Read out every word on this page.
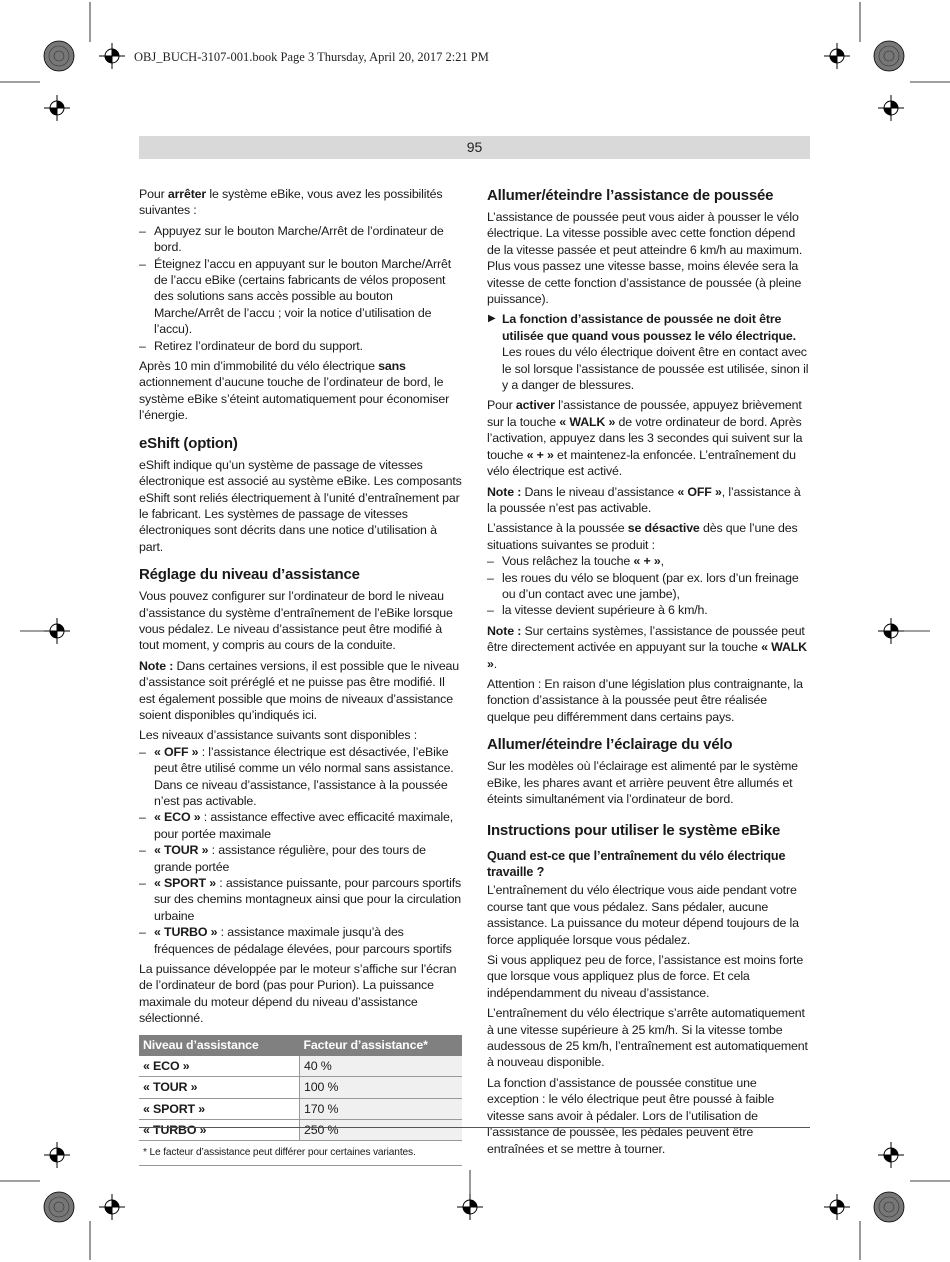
OBJ_BUCH-3107-001.book Page 3 Thursday, April 20, 2017 2:21 PM
95

Pour arrêter le système eBike, vous avez les possibilités suivantes :

– Appuyez sur le bouton Marche/Arrêt de l’ordinateur de bord.
– Éteignez l’accu en appuyant sur le bouton Marche/Arrêt de l’accu eBike (certains fabricants de vélos proposent des solutions sans accès possible au bouton Marche/Arrêt de l’accu ; voir la notice d’utilisation de l’accu).
– Retirez l’ordinateur de bord du support.

Après 10 min d’immobilité du vélo électrique sans actionnement d’aucune touche de l’ordinateur de bord, le système eBike s’éteint automatiquement pour économiser l’énergie.

eShift (option)

eShift indique qu’un système de passage de vitesses électronique est associé au système eBike. Les composants eShift sont reliés électriquement à l’unité d’entraînement par le fabricant. Les systèmes de passage de vitesses électroniques sont décrits dans une notice d’utilisation à part.

Réglage du niveau d’assistance

Vous pouvez configurer sur l’ordinateur de bord le niveau d’assistance du système d’entraînement de l’eBike lorsque vous pédalez. Le niveau d’assistance peut être modifié à tout moment, y compris au cours de la conduite.

Note : Dans certaines versions, il est possible que le niveau d’assistance soit préréglé et ne puisse pas être modifié. Il est également possible que moins de niveaux d’assistance soient disponibles qu’indiqués ici.

Les niveaux d’assistance suivants sont disponibles :

– « OFF » : l’assistance électrique est désactivée, l’eBike peut être utilisé comme un vélo normal sans assistance. Dans ce niveau d’assistance, l’assistance à la poussée n’est pas activable.
– « ECO » : assistance effective avec efficacité maximale, pour portée maximale
– « TOUR » : assistance régulière, pour des tours de grande portée
– « SPORT » : assistance puissante, pour parcours sportifs sur des chemins montagneux ainsi que pour la circulation urbaine
– « TURBO » : assistance maximale jusqu’à des fréquences de pédalage élevées, pour parcours sportifs

La puissance développée par le moteur s’affiche sur l’écran de l’ordinateur de bord (pas pour Purion). La puissance maximale du moteur dépend du niveau d’assistance sélectionné.

Niveau d’assistance	Facteur d’assistance*
« ECO »	40 %
« TOUR »	100 %
« SPORT »	170 %
« TURBO »	250 %
* Le facteur d’assistance peut différer pour certaines variantes.
Allumer/éteindre l’assistance de poussée

L’assistance de poussée peut vous aider à pousser le vélo électrique. La vitesse possible avec cette fonction dépend de la vitesse passée et peut atteindre 6 km/h au maximum. Plus vous passez une vitesse basse, moins élevée sera la vitesse de cette fonction d’assistance de poussée (à pleine puissance).

▶ La fonction d’assistance de poussée ne doit être utilisée que quand vous poussez le vélo électrique. Les roues du vélo électrique doivent être en contact avec le sol lorsque l’assistance de poussée est utilisée, sinon il y a danger de blessures.

Pour activer l’assistance de poussée, appuyez brièvement sur la touche « WALK » de votre ordinateur de bord. Après l’activation, appuyez dans les 3 secondes qui suivent sur la touche « + » et maintenez-la enfoncée. L’entraînement du vélo électrique est activé.

Note : Dans le niveau d’assistance « OFF », l’assistance à la poussée n’est pas activable.

L’assistance à la poussée se désactive dès que l’une des situations suivantes se produit :

– Vous relâchez la touche « + »,
– les roues du vélo se bloquent (par ex. lors d’un freinage ou d’un contact avec une jambe),
– la vitesse devient supérieure à 6 km/h.

Note : Sur certains systèmes, l’assistance de poussée peut être directement activée en appuyant sur la touche « WALK ».

Attention : En raison d’une législation plus contraignante, la fonction d’assistance à la poussée peut être réalisée quelque peu différemment dans certains pays.

Allumer/éteindre l’éclairage du vélo

Sur les modèles où l’éclairage est alimenté par le système eBike, les phares avant et arrière peuvent être allumés et éteints simultanément via l’ordinateur de bord.

Instructions pour utiliser le système eBike
Quand est-ce que l’entraînement du vélo électrique travaille ?

L’entraînement du vélo électrique vous aide pendant votre course tant que vous pédalez. Sans pédaler, aucune assistance. La puissance du moteur dépend toujours de la force appliquée lorsque vous pédalez.

Si vous appliquez peu de force, l’assistance est moins forte que lorsque vous appliquez plus de force. Et cela indépendamment du niveau d’assistance.

L’entraînement du vélo électrique s’arrête automatiquement à une vitesse supérieure à 25 km/h. Si la vitesse tombe audessous de 25 km/h, l’entraînement est automatiquement à nouveau disponible.

La fonction d’assistance de poussée constitue une exception : le vélo électrique peut être poussé à faible vitesse sans avoir à pédaler. Lors de l’utilisation de l’assistance de poussée, les pédales peuvent être entraînées et se mettre à tourner.
